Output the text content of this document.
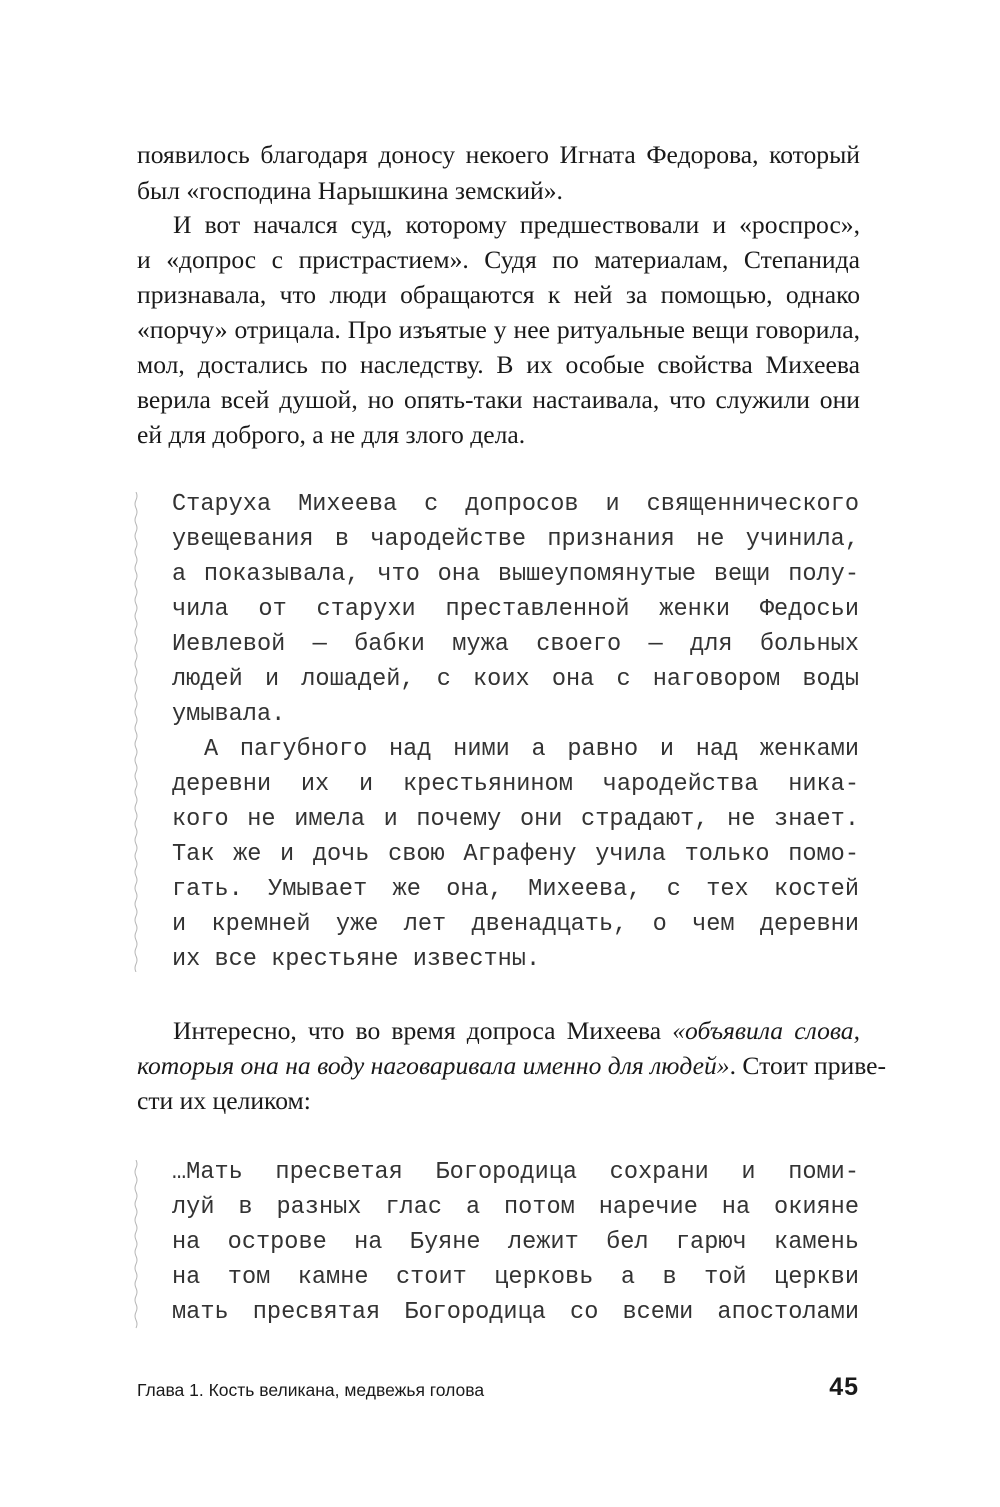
появилось благодаря доносу некоего Игната Федорова, который
был «господина Нарышкина земский».
И вот начался суд, которому предшествовали и «роспрос»,
и «допрос с пристрастием». Судя по материалам, Степанида
признавала, что люди обращаются к ней за помощью, однако
«порчу» отрицала. Про изъятые у нее ритуальные вещи говорила,
мол, достались по наследству. В их особые свойства Михеева
верила всей душой, но опять-таки настаивала, что служили они
ей для доброго, а не для злого дела.
Старуха Михеева с допросов и священнического
увещевания в чародействе признания не учинила,
а показывала, что она вышеупомянутые вещи полу-
чила от старухи преставленной женки Федосьи
Иевлевой — бабки мужа своего — для больных
людей и лошадей, с коих она с наговором воды
умывала.
А пагубного над ними а равно и над женками
деревни их и крестьянином чародейства ника-
кого не имела и почему они страдают, не знает.
Так же и дочь свою Аграфену учила только помо-
гать. Умывает же она, Михеева, с тех костей
и кремней уже лет двенадцать, о чем деревни
их все крестьяне известны.
Интересно, что во время допроса Михеева «объявила слова,
которыя она на воду наговаривала именно для людей». Стоит приве-
сти их целиком:
…Мать пресветая Богородица сохрани и поми-
луй в разных глас а потом наречие на окияне
на острове на Буяне лежит бел гарюч камень
на том камне стоит церковь а в той церкви
мать пресвятая Богородица со всеми апостолами
Глава 1. Кость великана, медвежья голова	45
